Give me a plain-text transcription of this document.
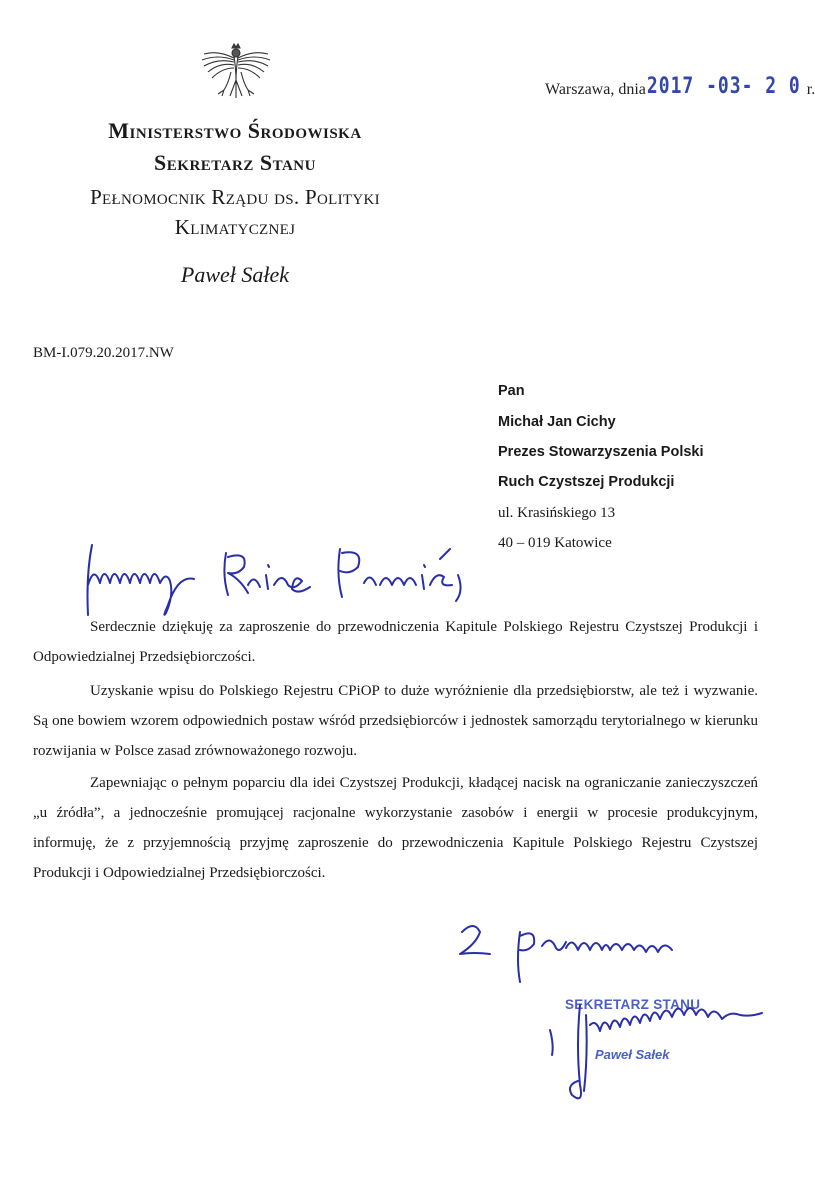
Warszawa, dnia2017 -03- 2 0 r.
Ministerstwo Środowiska
Sekretarz Stanu
Pełnomocnik Rządu ds. Polityki
Klimatycznej
Paweł Sałek
BM-I.079.20.2017.NW
Pan
Michał Jan Cichy
Prezes Stowarzyszenia Polski
Ruch Czystszej Produkcji
ul. Krasińskiego 13
40 – 019 Katowice
Serdecznie dziękuję za zaproszenie do przewodniczenia Kapitule Polskiego Rejestru Czystszej Produkcji i Odpowiedzialnej Przedsiębiorczości.
Uzyskanie wpisu do Polskiego Rejestru CPiOP to duże wyróżnienie dla przedsiębiorstw, ale też i wyzwanie. Są one bowiem wzorem odpowiednich postaw wśród przedsiębiorców i jednostek samorządu terytorialnego w kierunku rozwijania w Polsce zasad zrównoważonego rozwoju.
Zapewniając o pełnym poparciu dla idei Czystszej Produkcji, kładącej nacisk na ograniczanie zanieczyszczeń „u źródła”, a jednocześnie promującej racjonalne wykorzystanie zasobów i energii w procesie produkcyjnym, informuję, że z przyjemnością przyjmę zaproszenie do przewodniczenia Kapitule Polskiego Rejestru Czystszej Produkcji i Odpowiedzialnej Przedsiębiorczości.
SEKRETARZ STANU
Paweł Sałek
